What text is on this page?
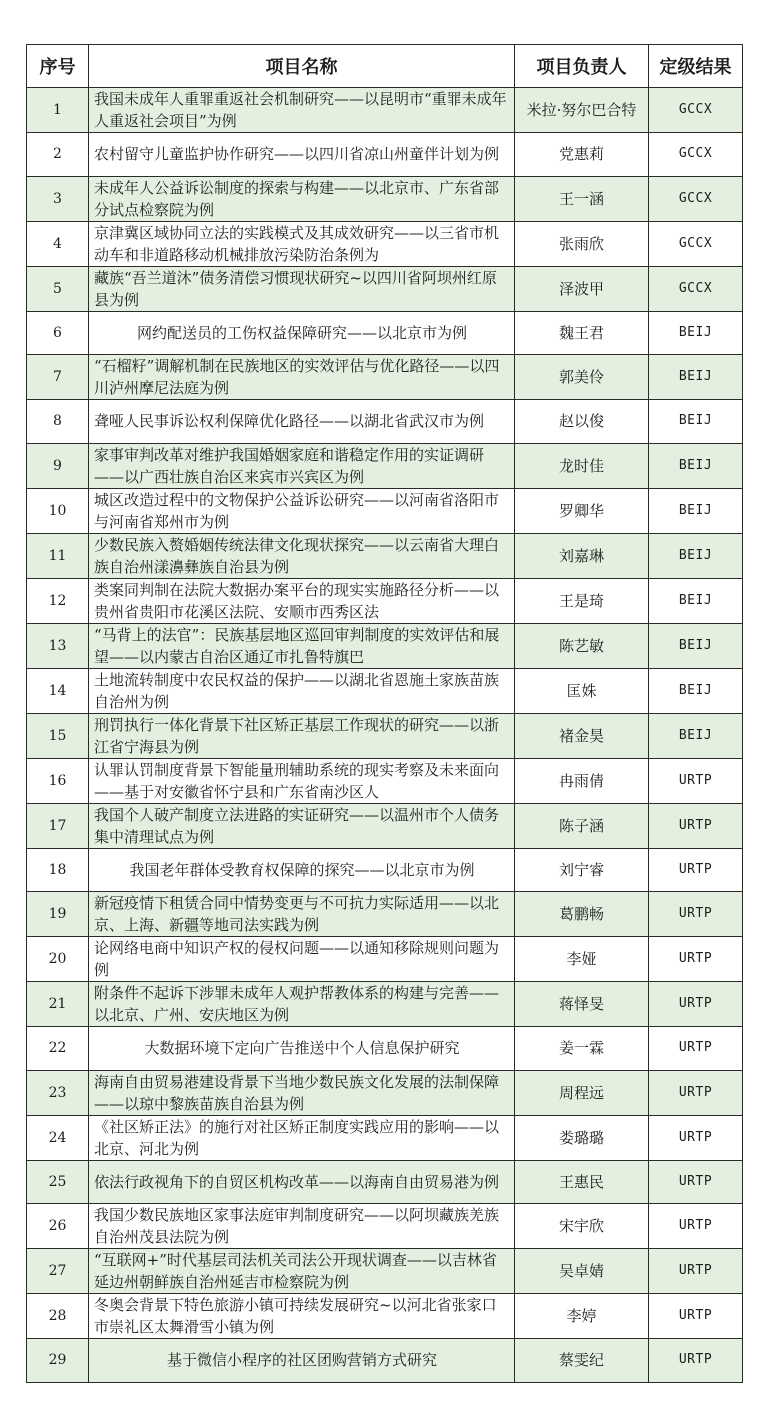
序号	项目名称	项目负责人	定级结果
1	我国未成年人重罪重返社会机制研究——以昆明市“重罪未成年人重返社会项目”为例	米拉·努尔巴合特	GCCX
2	农村留守儿童监护协作研究——以四川省凉山州童伴计划为例	党惠莉	GCCX
3	未成年人公益诉讼制度的探索与构建——以北京市、广东省部分试点检察院为例	王一涵	GCCX
4	京津冀区域协同立法的实践模式及其成效研究——以三省市机动车和非道路移动机械排放污染防治条例为	张雨欣	GCCX
5	藏族“吾兰道沐”债务清偿习惯现状研究~以四川省阿坝州红原县为例	泽波甲	GCCX
6	网约配送员的工伤权益保障研究——以北京市为例	魏王君	BEIJ
7	“石榴籽”调解机制在民族地区的实效评估与优化路径——以四川泸州摩尼法庭为例	郭美伶	BEIJ
8	聋哑人民事诉讼权利保障优化路径——以湖北省武汉市为例	赵以俊	BEIJ
9	家事审判改革对维护我国婚姻家庭和谐稳定作用的实证调研——以广西壮族自治区来宾市兴宾区为例	龙时佳	BEIJ
10	城区改造过程中的文物保护公益诉讼研究——以河南省洛阳市与河南省郑州市为例	罗卿华	BEIJ
11	少数民族入赘婚姻传统法律文化现状探究——以云南省大理白族自治州漾濞彝族自治县为例	刘嘉琳	BEIJ
12	类案同判制在法院大数据办案平台的现实实施路径分析——以贵州省贵阳市花溪区法院、安顺市西秀区法	王是琦	BEIJ
13	“马背上的法官”：民族基层地区巡回审判制度的实效评估和展望——以内蒙古自治区通辽市扎鲁特旗巴	陈艺敏	BEIJ
14	土地流转制度中农民权益的保护——以湖北省恩施土家族苗族自治州为例	匡姝	BEIJ
15	刑罚执行一体化背景下社区矫正基层工作现状的研究——以浙江省宁海县为例	褚金昊	BEIJ
16	认罪认罚制度背景下智能量刑辅助系统的现实考察及未来面向——基于对安徽省怀宁县和广东省南沙区人	冉雨倩	URTP
17	我国个人破产制度立法进路的实证研究——以温州市个人债务集中清理试点为例	陈子涵	URTP
18	我国老年群体受教育权保障的探究——以北京市为例	刘宁睿	URTP
19	新冠疫情下租赁合同中情势变更与不可抗力实际适用——以北京、上海、新疆等地司法实践为例	葛鹏畅	URTP
20	论网络电商中知识产权的侵权问题——以通知移除规则问题为例	李娅	URTP
21	附条件不起诉下涉罪未成年人观护帮教体系的构建与完善——以北京、广州、安庆地区为例	蒋怿旻	URTP
22	大数据环境下定向广告推送中个人信息保护研究	姜一霖	URTP
23	海南自由贸易港建设背景下当地少数民族文化发展的法制保障——以琼中黎族苗族自治县为例	周程远	URTP
24	《社区矫正法》的施行对社区矫正制度实践应用的影响——以北京、河北为例	娄璐璐	URTP
25	依法行政视角下的自贸区机构改革——以海南自由贸易港为例	王惠民	URTP
26	我国少数民族地区家事法庭审判制度研究——以阿坝藏族羌族自治州茂县法院为例	宋宇欣	URTP
27	“互联网+”时代基层司法机关司法公开现状调查——以吉林省延边州朝鲜族自治州延吉市检察院为例	吴卓婧	URTP
28	冬奥会背景下特色旅游小镇可持续发展研究~以河北省张家口市崇礼区太舞滑雪小镇为例	李婷	URTP
29	基于微信小程序的社区团购营销方式研究	蔡雯纪	URTP
